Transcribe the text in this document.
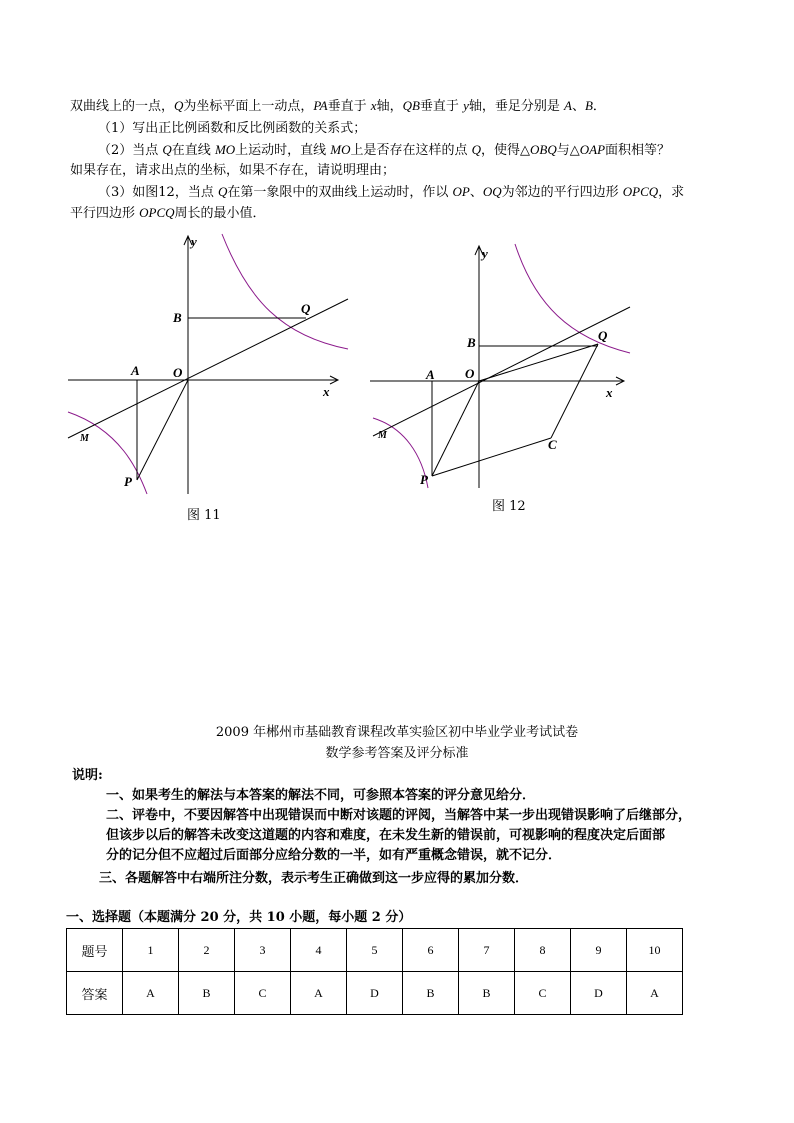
双曲线上的一点，Q为坐标平面上一动点，PA垂直于 x轴，QB垂直于 y轴，垂足分别是 A、B．
（1）写出正比例函数和反比例函数的关系式；
（2）当点 Q在直线 MO上运动时，直线 MO上是否存在这样的点 Q，使得△OBQ与△OAP面积相等？
如果存在，请求出点的坐标，如果不存在，请说明理由；
（3）如图12，当点 Q在第一象限中的双曲线上运动时，作以 OP、OQ为邻边的平行四边形 OPCQ，求
平行四边形 OPCQ周长的最小值．
y
x
O
A
B
Q
M
P
图 11
y
x
O
A
B	Q
M
P
C
图 12
2009 年郴州市基础教育课程改革实验区初中毕业学业考试试卷
数学参考答案及评分标准
说明:
一、如果考生的解法与本答案的解法不同，可参照本答案的评分意见给分．
二、评卷中，不要因解答中出现错误而中断对该题的评阅，当解答中某一步出现错误影响了后继部分，
但该步以后的解答未改变这道题的内容和难度，在未发生新的错误前，可视影响的程度决定后面部
分的记分但不应超过后面部分应给分数的一半，如有严重概念错误，就不记分．
三、各题解答中右端所注分数，表示考生正确做到这一步应得的累加分数．
一、选择题（本题满分 20 分，共 10 小题，每小题 2 分）
题号	1	2	3	4	5	6	7	8	9	10
答案	A	B	C	A	D	B	B	C	D	A
